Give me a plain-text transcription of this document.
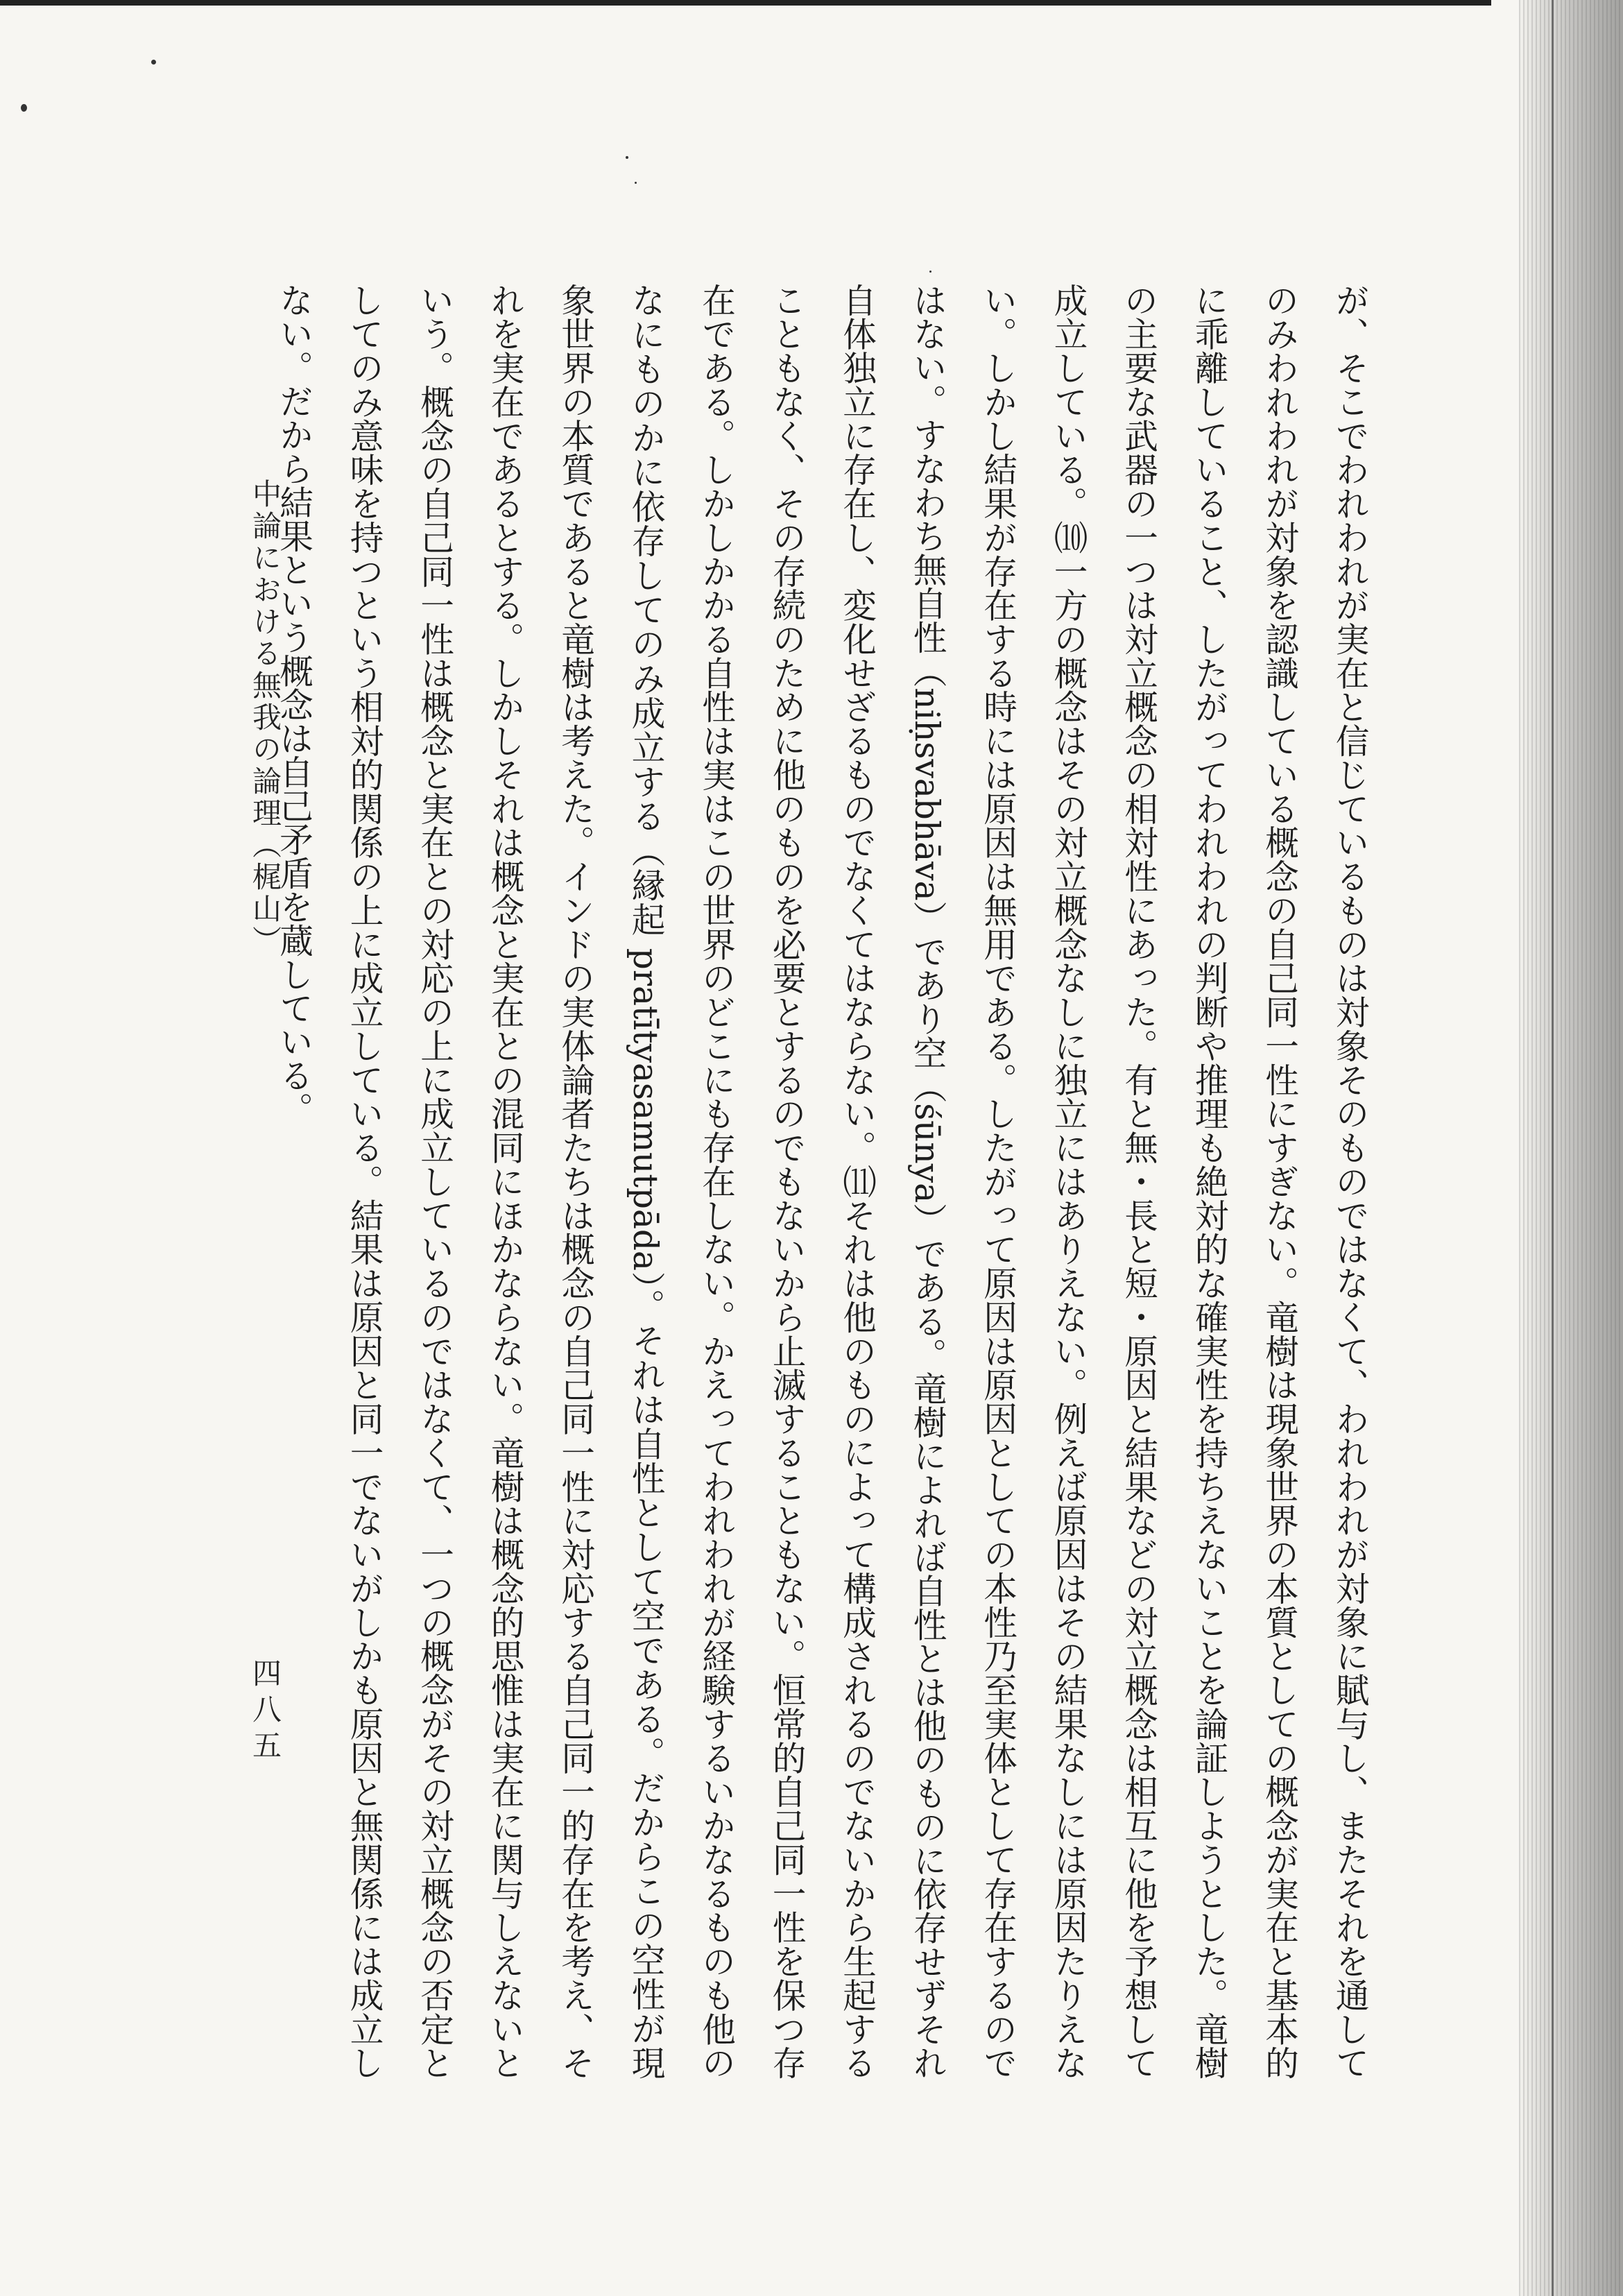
が、そこでわれわれが実在と信じているものは対象そのものではなくて、われわれが対象に賦与し、またそれを通してのみわれわれが対象を認識している概念の自己同一性にすぎない。竜樹は現象世界の本質としての概念が実在と基本的に乖離していること、したがってわれわれの判断や推理も絶対的な確実性を持ちえないことを論証しようとした。竜樹の主要な武器の一つは対立概念の相対性にあった。有と無・長と短・原因と結果などの対立概念は相互に他を予想して成立している。⑽一方の概念はその対立概念なしに独立にはありえない。例えば原因はその結果なしには原因たりえない。しかし結果が存在する時には原因は無用である。したがって原因は原因としての本性乃至実体として存在するのではない。すなわち無自性（niḥsvabhāva）であり空（śūnya）である。竜樹によれば自性とは他のものに依存せずそれ自体独立に存在し、変化せざるものでなくてはならない。⑾それは他のものによって構成されるのでないから生起することもなく、その存続のために他のものを必要とするのでもないから止滅することもない。恒常的自己同一性を保つ存在である。しかしかかる自性は実はこの世界のどこにも存在しない。かえってわれわれが経験するいかなるものも他のなにものかに依存してのみ成立する（縁起 pratītyasamutpāda）。それは自性として空である。だからこの空性が現象世界の本質であると竜樹は考えた。インドの実体論者たちは概念の自己同一性に対応する自己同一的存在を考え、それを実在であるとする。しかしそれは概念と実在との混同にほかならない。竜樹は概念的思惟は実在に関与しえないという。概念の自己同一性は概念と実在との対応の上に成立しているのではなくて、一つの概念がその対立概念の否定としてのみ意味を持つという相対的関係の上に成立している。結果は原因と同一でないがしかも原因と無関係には成立しない。だから結果という概念は自己矛盾を蔵している。

中論における無我の論理（梶山）
四八五
